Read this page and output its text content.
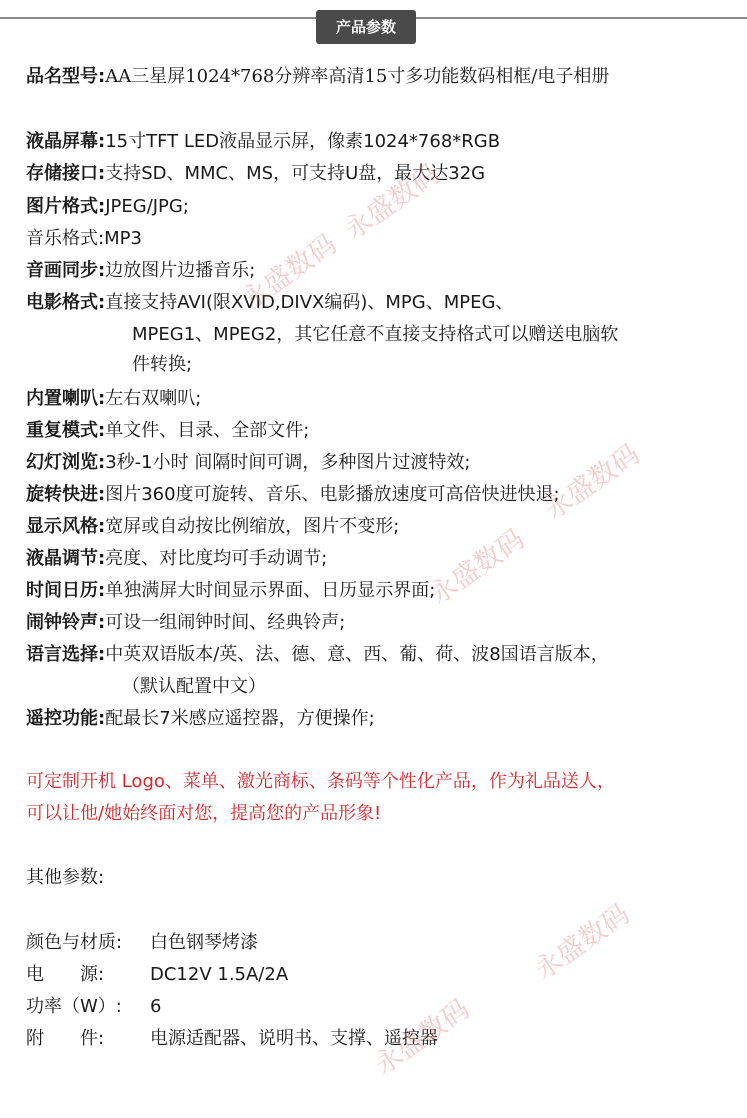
产品参数
品名型号:AA三星屏1024*768分辨率高清15寸多功能数码相框/电子相册
液晶屏幕:15寸TFT LED液晶显示屏，像素1024*768*RGB
存储接口:支持SD、MMC、MS，可支持U盘，最大达32G
图片格式:JPEG/JPG;
音乐格式:MP3
音画同步:边放图片边播音乐;
电影格式:直接支持AVI(限XVID,DIVX编码)、MPG、MPEG、
MPEG1、MPEG2，其它任意不直接支持格式可以赠送电脑软
件转换;
内置喇叭:左右双喇叭;
重复模式:单文件、目录、全部文件;
幻灯浏览:3秒-1小时 间隔时间可调，多种图片过渡特效;
旋转快进:图片360度可旋转、音乐、电影播放速度可高倍快进快退;
显示风格:宽屏或自动按比例缩放，图片不变形;
液晶调节:亮度、对比度均可手动调节;
时间日历:单独满屏大时间显示界面、日历显示界面;
闹钟铃声:可设一组闹钟时间、经典铃声;
语言选择:中英双语版本/英、法、德、意、西、葡、荷、波8国语言版本，
（默认配置中文）
遥控功能:配最长7米感应遥控器，方便操作;
可定制开机 Logo、菜单、激光商标、条码等个性化产品，作为礼品送人，
可以让他/她始终面对您，提高您的产品形象!
其他参数:
颜色与材质: 白色钢琴烤漆
电　　源:	DC12V 1.5A/2A
功率（W）: 6
附　　件:	电源适配器、说明书、支撑、遥控器
永盛数码
永盛数码
永盛数码
永盛数码
永盛数码
永盛数码
